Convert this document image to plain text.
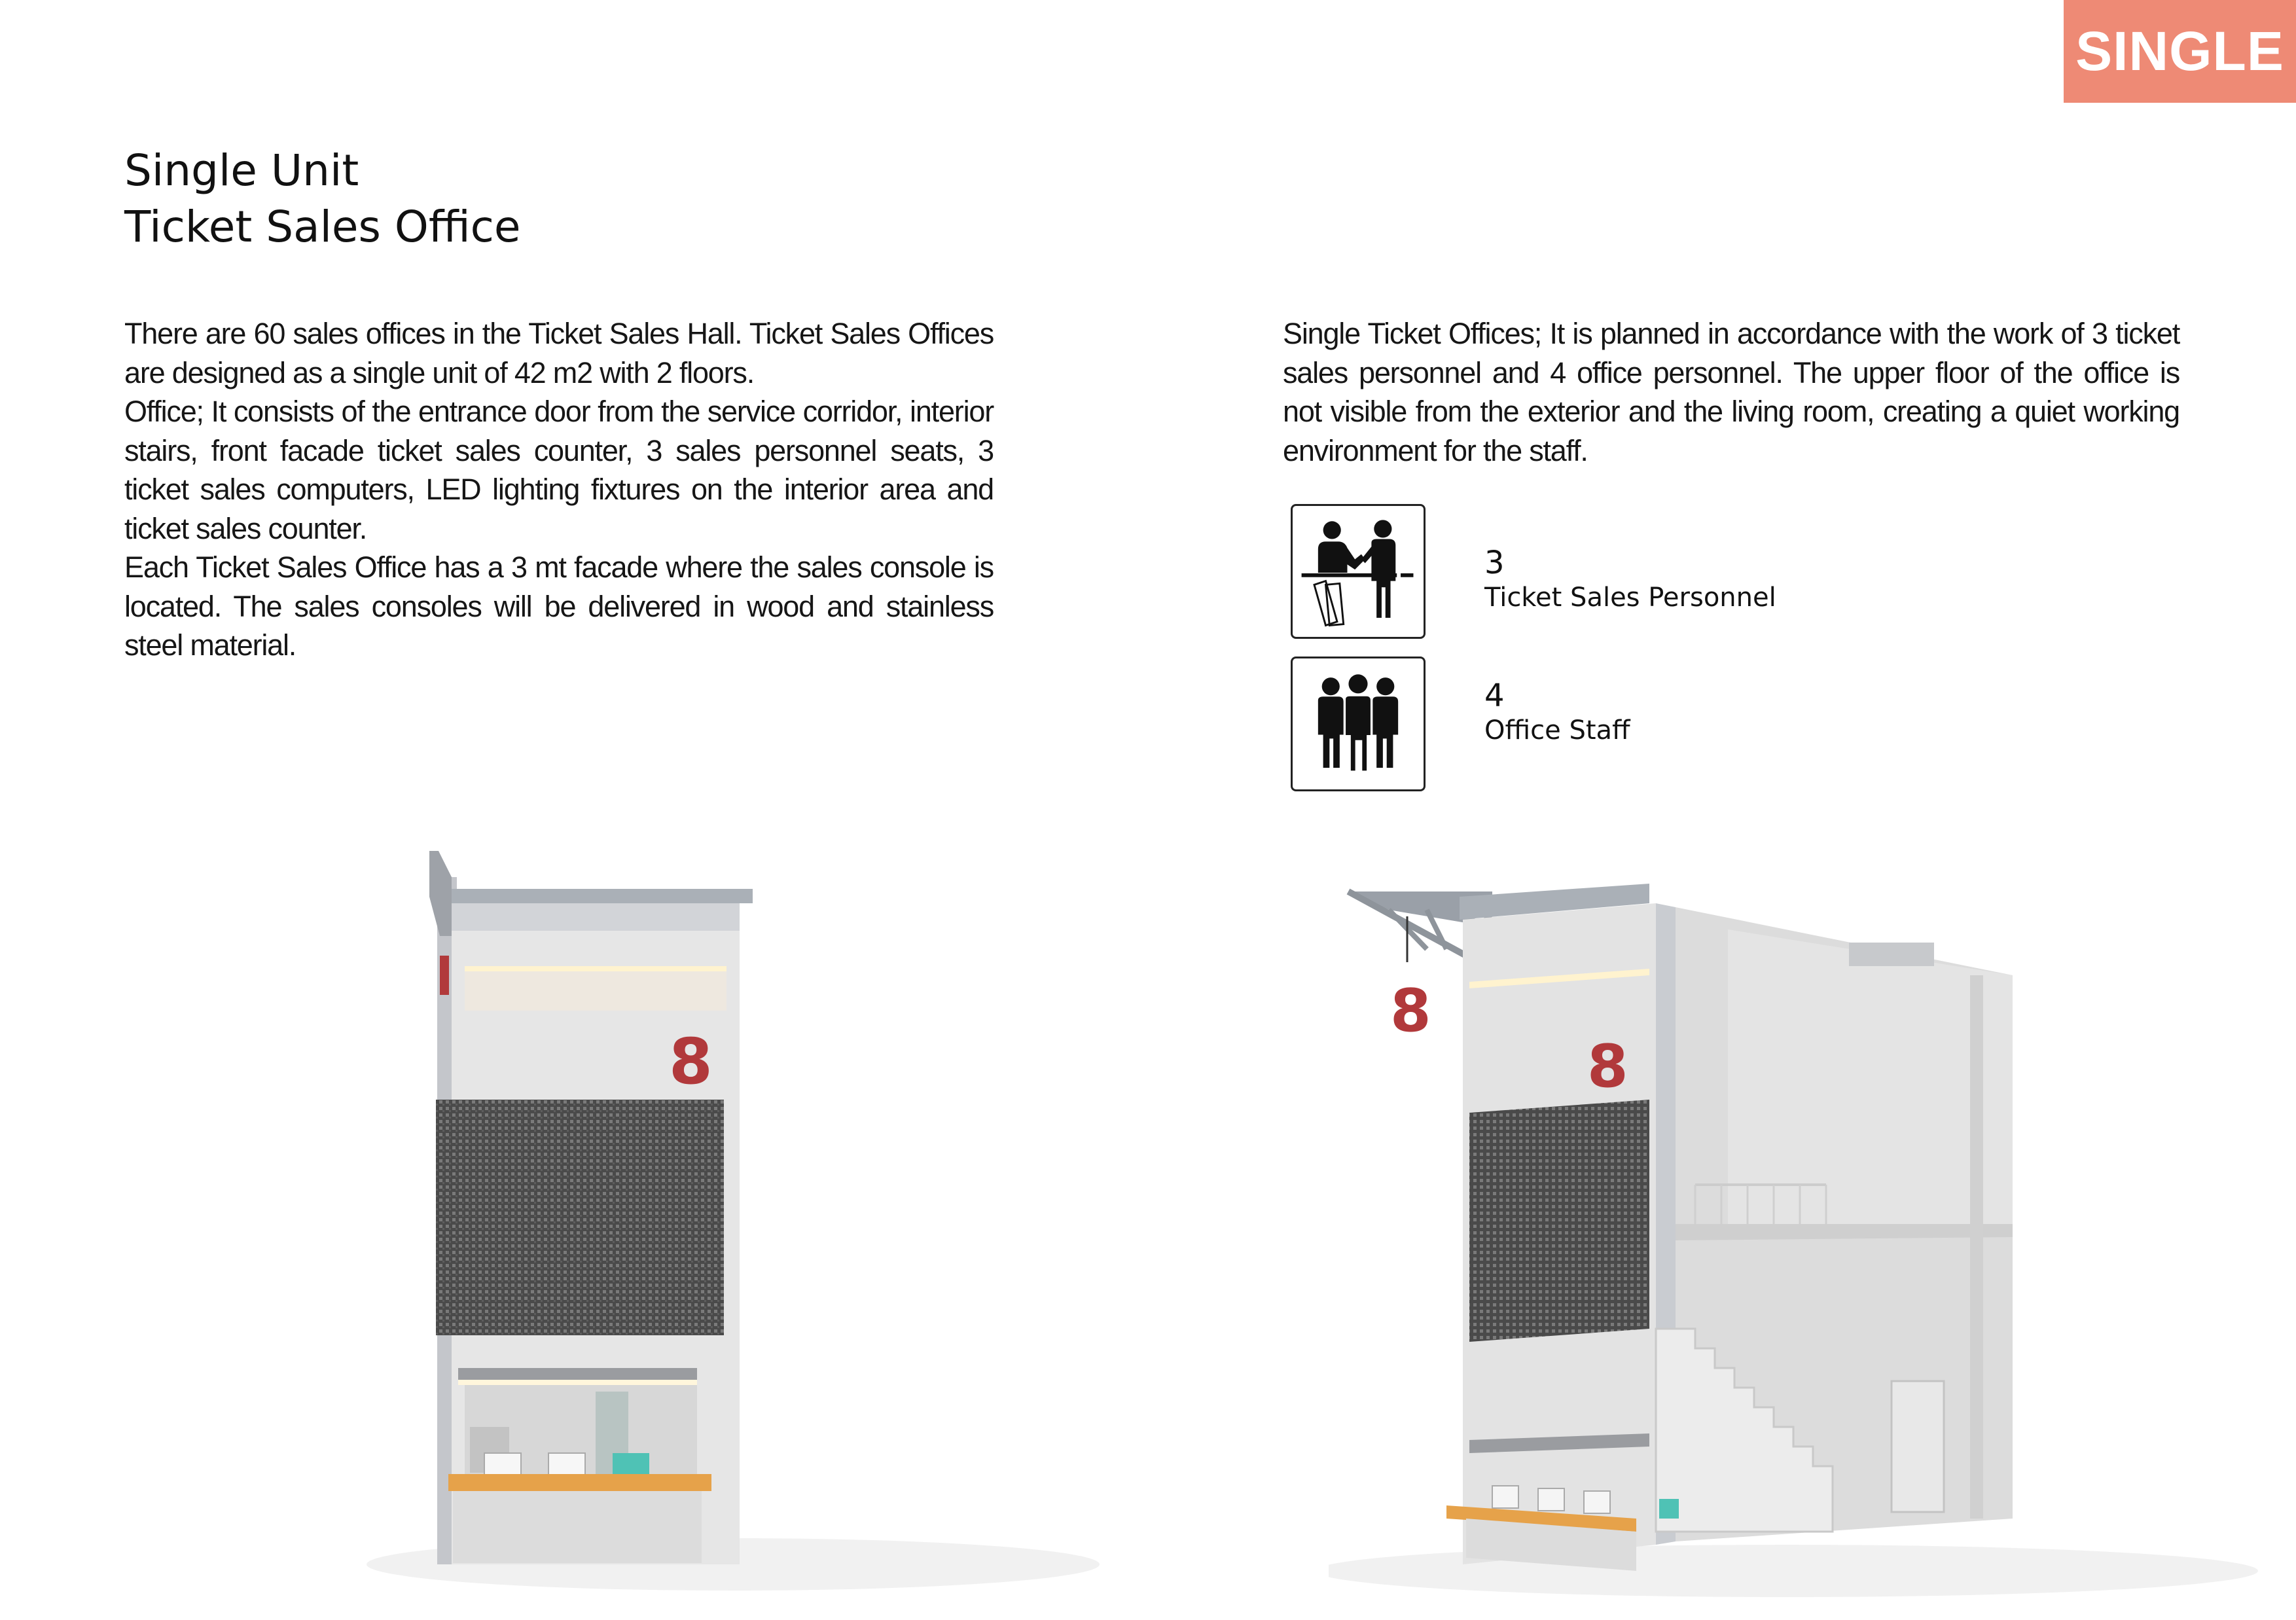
SINGLE
Single Unit
Ticket Sales Office

There are 60 sales offices in the Ticket Sales Hall. Ticket Sales Offices are designed as a single unit of 42 m2 with 2 floors.

Office; It consists of the entrance door from the service corridor, interior stairs, front facade ticket sales counter, 3 sales personnel seats, 3 ticket sales computers, LED lighting fixtures on the interior area and ticket sales counter.

Each Ticket Sales Office has a 3 mt facade where the sales console is located. The sales consoles will be delivered in wood and stainless steel material.

Single Ticket Offices; It is planned in accordance with the work of 3 ticket sales personnel and 4 office personnel. The upper floor of the office is not visible from the exterior and the living room, creating a quiet working environment for the staff.

3
Ticket Sales Personnel
4
Office Staff
8
8
8
